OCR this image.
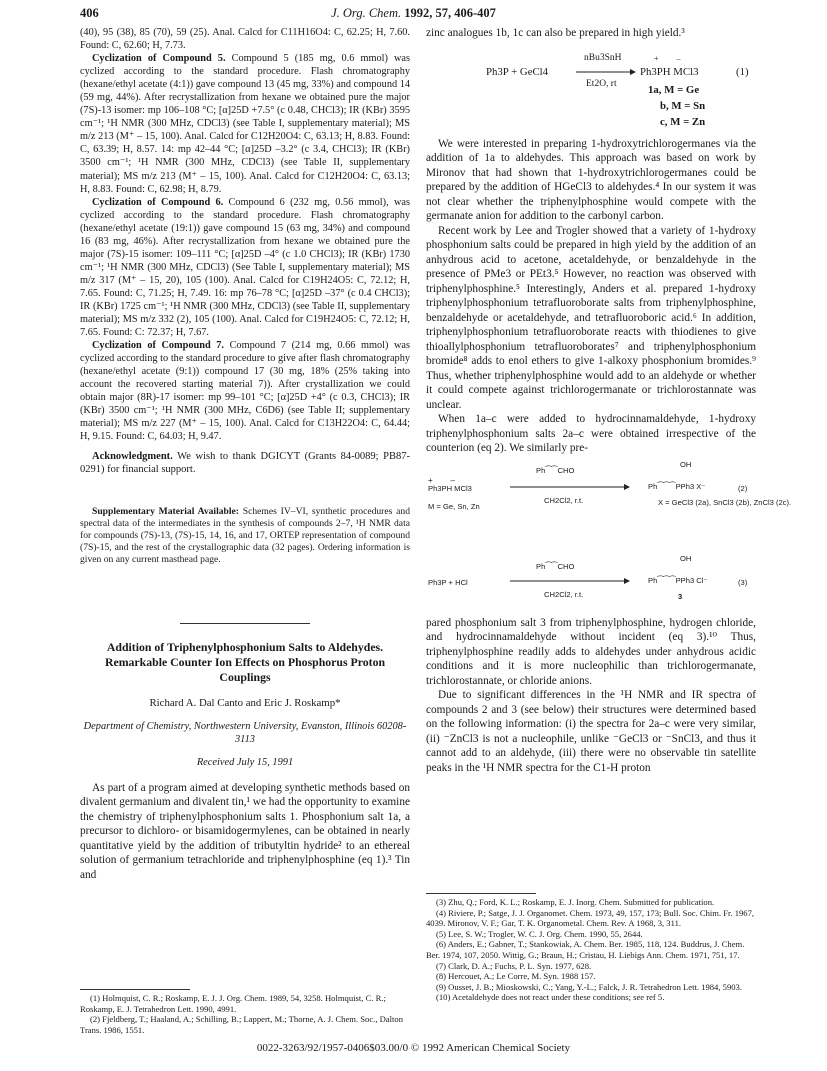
406	J. Org. Chem. 1992, 57, 406-407

(40), 95 (38), 85 (70), 59 (25). Anal. Calcd for C11H16O4: C, 62.25; H, 7.60. Found: C, 62.60; H, 7.73.

Cyclization of Compound 5. Compound 5 (185 mg, 0.6 mmol) was cyclized according to the standard procedure. Flash chromatography (hexane/ethyl acetate (4:1)) gave compound 13 (45 mg, 33%) and compound 14 (59 mg, 44%). After recrystallization from hexane we obtained pure the major (7S)-13 isomer: mp 106–108 °C; [α]25D +7.5° (c 0.48, CHCl3); IR (KBr) 3595 cm⁻¹; ¹H NMR (300 MHz, CDCl3) (see Table I, supplementary material); MS m/z 213 (M⁺ – 15, 100). Anal. Calcd for C12H20O4: C, 63.13; H, 8.83. Found: C, 63.39; H, 8.57. 14: mp 42–44 °C; [α]25D –3.2° (c 3.4, CHCl3); IR (KBr) 3500 cm⁻¹; ¹H NMR (300 MHz, CDCl3) (see Table II, supplementary material); MS m/z 213 (M⁺ – 15, 100). Anal. Calcd for C12H20O4: C, 63.13; H, 8.83. Found: C, 62.98; H, 8.79.

Cyclization of Compound 6. Compound 6 (232 mg, 0.56 mmol), was cyclized according to the standard procedure. Flash chromatography (hexane/ethyl acetate (19:1)) gave compound 15 (63 mg, 34%) and compound 16 (83 mg, 46%). After recrystallization from hexane we obtained pure the major (7S)-15 isomer: 109–111 °C; [α]25D –4° (c 1.0 CHCl3); IR (KBr) 1730 cm⁻¹; ¹H NMR (300 MHz, CDCl3) (See Table I, supplementary material); MS m/z 317 (M⁺ – 15, 20), 105 (100). Anal. Calcd for C19H24O5: C, 72.12; H, 7.65. Found: C, 71.25; H, 7.49. 16: mp 76–78 °C; [α]25D –37° (c 0.4 CHCl3); IR (KBr) 1725 cm⁻¹; ¹H NMR (300 MHz, CDCl3) (see Table II, supplementary material); MS m/z 332 (2), 105 (100). Anal. Calcd for C19H24O5: C, 72.12; H, 7.65. Found: C: 72.37; H, 7.67.

Cyclization of Compound 7. Compound 7 (214 mg, 0.66 mmol) was cyclized according to the standard procedure to give after flash chromatography (hexane/ethyl acetate (9:1)) compound 17 (30 mg, 18% (25% taking into account the recovered starting material 7)). After crystallization we could obtain major (8R)-17 isomer: mp 99–101 °C; [α]25D +4° (c 0.3, CHCl3); IR (KBr) 3500 cm⁻¹; ¹H NMR (300 MHz, C6D6) (see Table II; supplementary material); MS m/z 227 (M⁺ – 15, 100). Anal. Calcd for C13H22O4: C, 64.44; H, 9.15. Found: C, 64.03; H, 9.47.

Acknowledgment. We wish to thank DGICYT (Grants 84-0089; PB87-0291) for financial support.

Supplementary Material Available: Schemes IV–VI, synthetic procedures and spectral data of the intermediates in the synthesis of compounds 2–7, ¹H NMR data for compounds (7S)-13, (7S)-15, 14, 16, and 17, ORTEP representation of compound (7S)-15, and the rest of the crystallographic data (32 pages). Ordering information is given on any current masthead page.

Addition of Triphenylphosphonium Salts to Aldehydes. Remarkable Counter Ion Effects on Phosphorus Proton Couplings
Richard A. Dal Canto and Eric J. Roskamp*
Department of Chemistry, Northwestern University, Evanston, Illinois 60208-3113
Received July 15, 1991

As part of a program aimed at developing synthetic methods based on divalent germanium and divalent tin,¹ we had the opportunity to examine the chemistry of triphenylphosphonium salts 1. Phosphonium salt 1a, a precursor to dichloro- or bisamidogermylenes, can be obtained in nearly quantitative yield by the addition of tributyltin hydride² to an ethereal solution of germanium tetrachloride and triphenylphosphine (eq 1).³ Tin and

(1) Holmquist, C. R.; Roskamp, E. J. J. Org. Chem. 1989, 54, 3258. Holmquist, C. R.; Roskamp, E. J. Tetrahedron Lett. 1990, 4991.

(2) Fjeldberg, T.; Haaland, A.; Schilling, B.; Lappert, M.; Thorne, A. J. Chem. Soc., Dalton Trans. 1986, 1551.

zinc analogues 1b, 1c can also be prepared in high yield.³

Ph3P + GeCl4
nBu3SnH
Et2O, rt
+         –
Ph3PH MCl3	(1)
1a, M = Ge
b, M = Sn
c, M = Zn

We were interested in preparing 1-hydroxytrichlorogermanes via the addition of 1a to aldehydes. This approach was based on work by Mironov that had shown that 1-hydroxytrichlorogermanes could be prepared by the addition of HGeCl3 to aldehydes.⁴ In our system it was not clear whether the triphenylphosphine would compete with the germanate anion for addition to the carbonyl carbon.

Recent work by Lee and Trogler showed that a variety of 1-hydroxy phosphonium salts could be prepared in high yield by the addition of an anhydrous acid to acetone, acetaldehyde, or benzaldehyde in the presence of PMe3 or PEt3.⁵ However, no reaction was observed with triphenylphosphine.⁵ Interestingly, Anders et al. prepared 1-hydroxy triphenylphosphonium tetrafluoroborate salts from triphenylphosphine, benzaldehyde or acetaldehyde, and tetrafluoroboric acid.⁶ In addition, triphenylphosphonium tetrafluoroborate reacts with thiodienes to give thioallylphosphonium tetrafluoroborates⁷ and triphenylphosphonium bromide⁸ adds to enol ethers to give 1-alkoxy phosphonium bromides.⁹ Thus, whether triphenylphosphine would add to an aldehyde or whether it could compete against trichlorogermanate or trichlorostannate was unclear.

When 1a–c were added to hydrocinnamaldehyde, 1-hydroxy triphenylphosphonium salts 2a–c were obtained irrespective of the counterion (eq 2). We similarly pre-

+        –
Ph3PH MCl3
M = Ge, Sn, Zn
Ph⁀⁀CHO
CH2Cl2, r.t.
OH
Ph⁀⁀⁀PPh3 X⁻
X = GeCl3 (2a), SnCl3 (2b), ZnCl3 (2c).
(2)
Ph3P + HCl
Ph⁀⁀CHO
CH2Cl2, r.t.
OH
Ph⁀⁀⁀PPh3 Cl⁻
3
(3)

pared phosphonium salt 3 from triphenylphosphine, hydrogen chloride, and hydrocinnamaldehyde without incident (eq 3).¹⁰ Thus, triphenylphosphine readily adds to aldehydes under anhydrous acidic conditions and it is more nucleophilic than trichlorogermanate, trichlorostannate, or chloride anions.

Due to significant differences in the ¹H NMR and IR spectra of compounds 2 and 3 (see below) their structures were determined based on the following information: (i) the spectra for 2a–c were very similar, (ii) ⁻ZnCl3 is not a nucleophile, unlike ⁻GeCl3 or ⁻SnCl3, and thus it cannot add to an aldehyde, (iii) there were no observable tin satellite peaks in the ¹H NMR spectra for the C1-H proton

(3) Zhu, Q.; Ford, K. L.; Roskamp, E. J. Inorg. Chem. Submitted for publication.

(4) Riviere, P.; Satge, J. J. Organomet. Chem. 1973, 49, 157, 173; Bull. Soc. Chim. Fr. 1967, 4039. Mironov, V. F.; Gar, T. K. Organometal. Chem. Rev. A 1968, 3, 311.

(5) Lee, S. W.; Trogler, W. C. J. Org. Chem. 1990, 55, 2644.

(6) Anders, E.; Gabner, T.; Stankowiak, A. Chem. Ber. 1985, 118, 124. Buddrus, J. Chem. Ber. 1974, 107, 2050. Wittig, G.; Braun, H.; Cristau, H. Liebigs Ann. Chem. 1971, 751, 17.

(7) Clark, D. A.; Fuchs, P. L. Syn. 1977, 628.

(8) Hercouet, A.; Le Corre, M. Syn. 1988 157.

(9) Ousset, J. B.; Mioskowski, C.; Yang, Y.-L.; Falck, J. R. Tetrahedron Lett. 1984, 5903.

(10) Acetaldehyde does not react under these conditions; see ref 5.

0022-3263/92/1957-0406$03.00/0 © 1992 American Chemical Society
